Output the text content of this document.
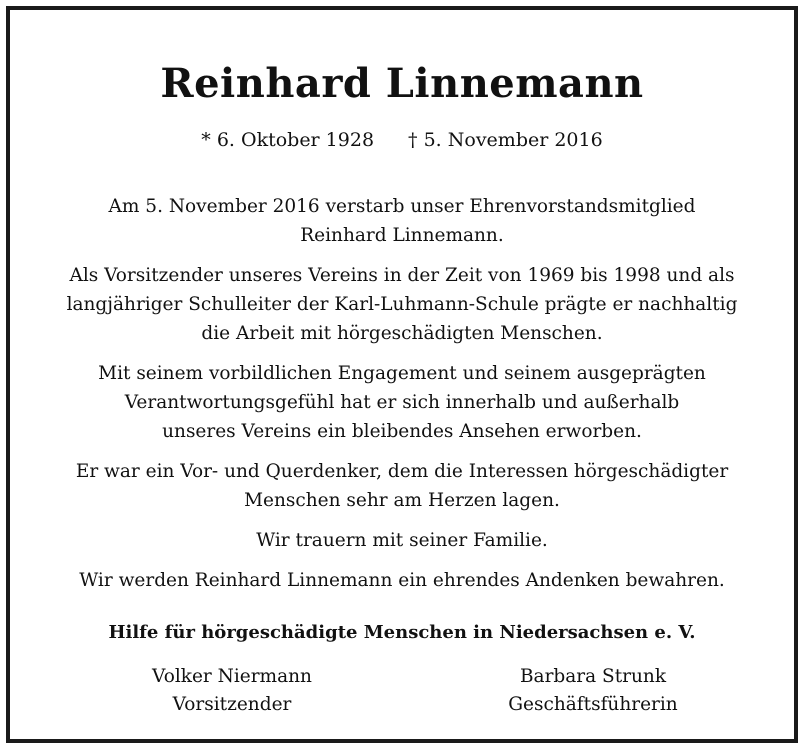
Reinhard Linnemann
* 6. Oktober 1928 † 5. November 2016

Am 5. November 2016 verstarb unser Ehrenvorstandsmitglied
Reinhard Linnemann.

Als Vorsitzender unseres Vereins in der Zeit von 1969 bis 1998 und als
langjähriger Schulleiter der Karl-Luhmann-Schule prägte er nachhaltig
die Arbeit mit hörgeschädigten Menschen.

Mit seinem vorbildlichen Engagement und seinem ausgeprägten
Verantwortungsgefühl hat er sich innerhalb und außerhalb
unseres Vereins ein bleibendes Ansehen erworben.

Er war ein Vor- und Querdenker, dem die Interessen hörgeschädigter
Menschen sehr am Herzen lagen.

Wir trauern mit seiner Familie.

Wir werden Reinhard Linnemann ein ehrendes Andenken bewahren.

Hilfe für hörgeschädigte Menschen in Niedersachsen e. V.
Volker Niermann
Vorsitzender
Barbara Strunk
Geschäftsführerin
